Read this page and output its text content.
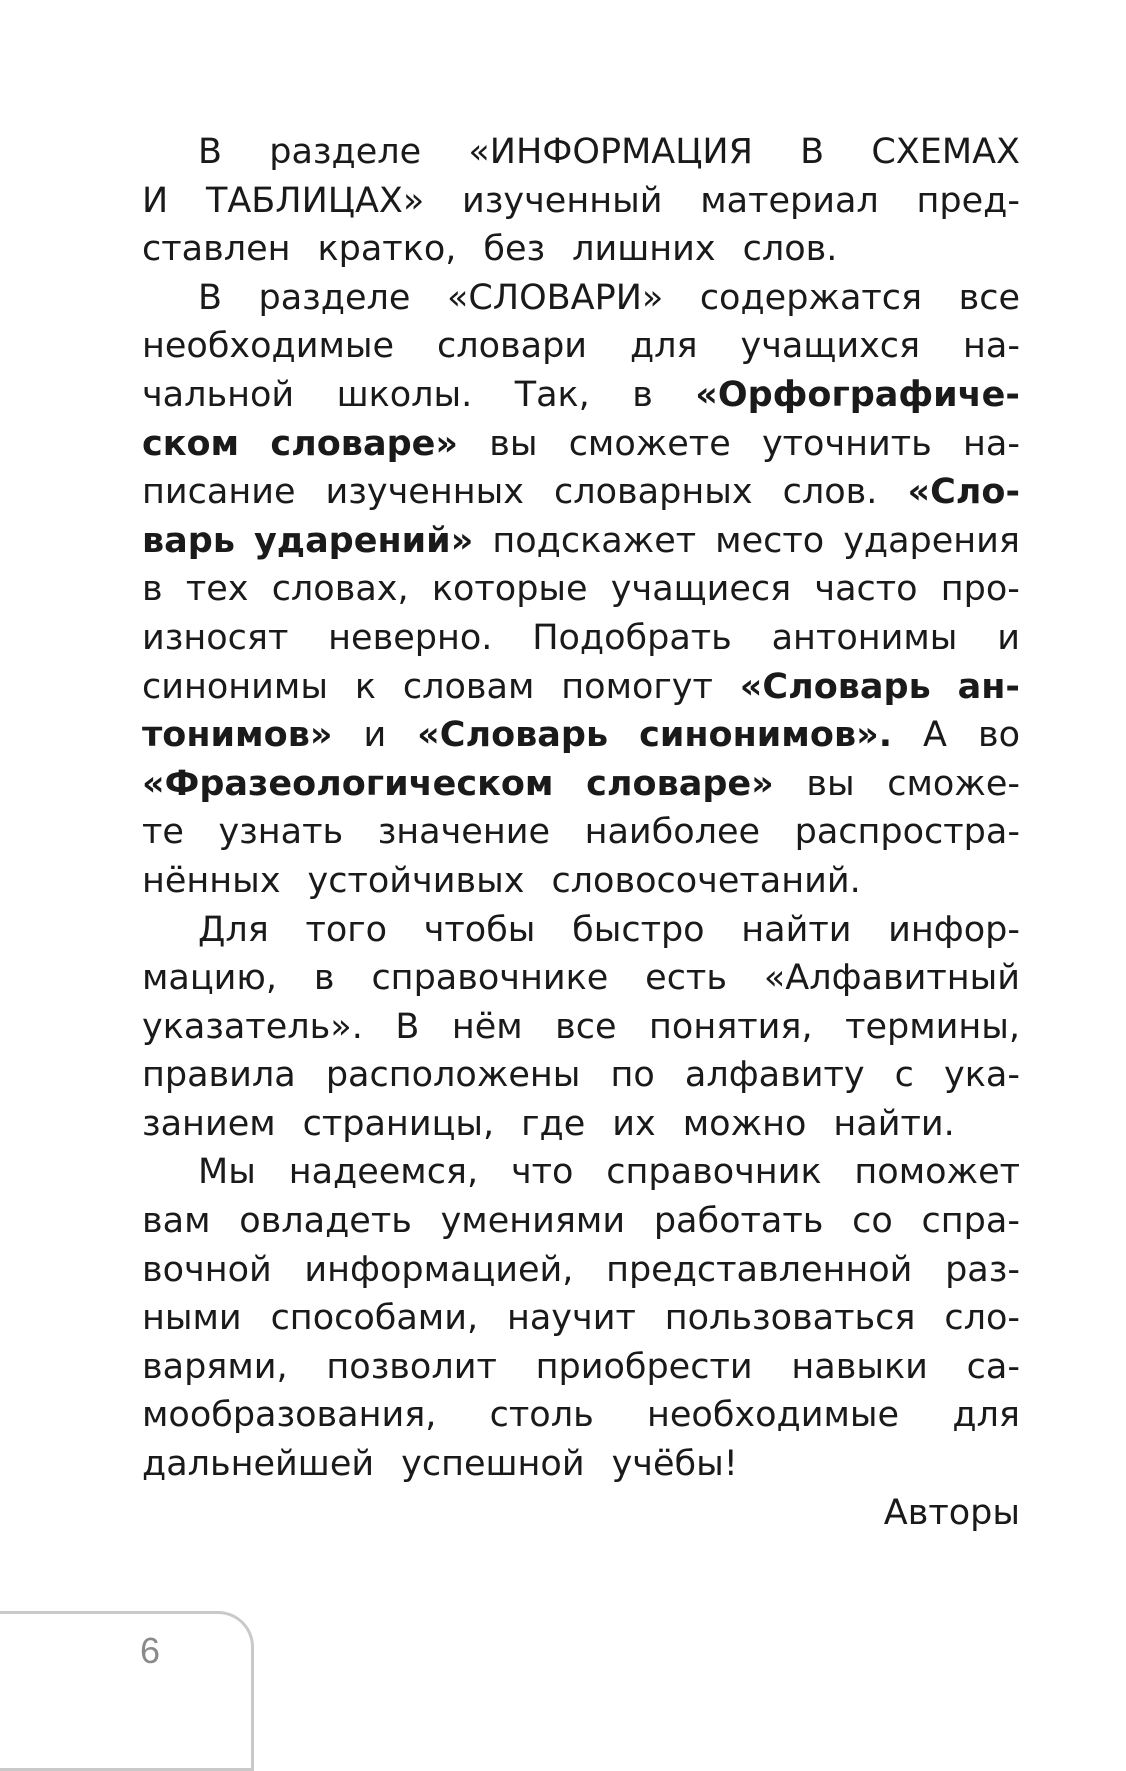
В разделе «ИНФОРМАЦИЯ В СХЕМАХ
И ТАБЛИЦАХ» изученный материал пред-
ставлен кратко, без лишних слов.
В разделе «СЛОВАРИ» содержатся все
необходимые словари для учащихся на-
чальной школы. Так, в «Орфографиче-
ском словаре» вы сможете уточнить на-
писание изученных словарных слов. «Сло-
варь ударений» подскажет место ударения
в тех словах, которые учащиеся часто про-
износят неверно. Подобрать антонимы и
синонимы к словам помогут «Словарь ан-
тонимов» и «Словарь синонимов». А во
«Фразеологическом словаре» вы сможе-
те узнать значение наиболее распростра-
нённых устойчивых словосочетаний.
Для того чтобы быстро найти инфор-
мацию, в справочнике есть «Алфавитный
указатель». В нём все понятия, термины,
правила расположены по алфавиту с ука-
занием страницы, где их можно найти.
Мы надеемся, что справочник поможет
вам овладеть умениями работать со спра-
вочной информацией, представленной раз-
ными способами, научит пользоваться сло-
варями, позволит приобрести навыки са-
мообразования, столь необходимые для
дальнейшей успешной учёбы!
Авторы
6
